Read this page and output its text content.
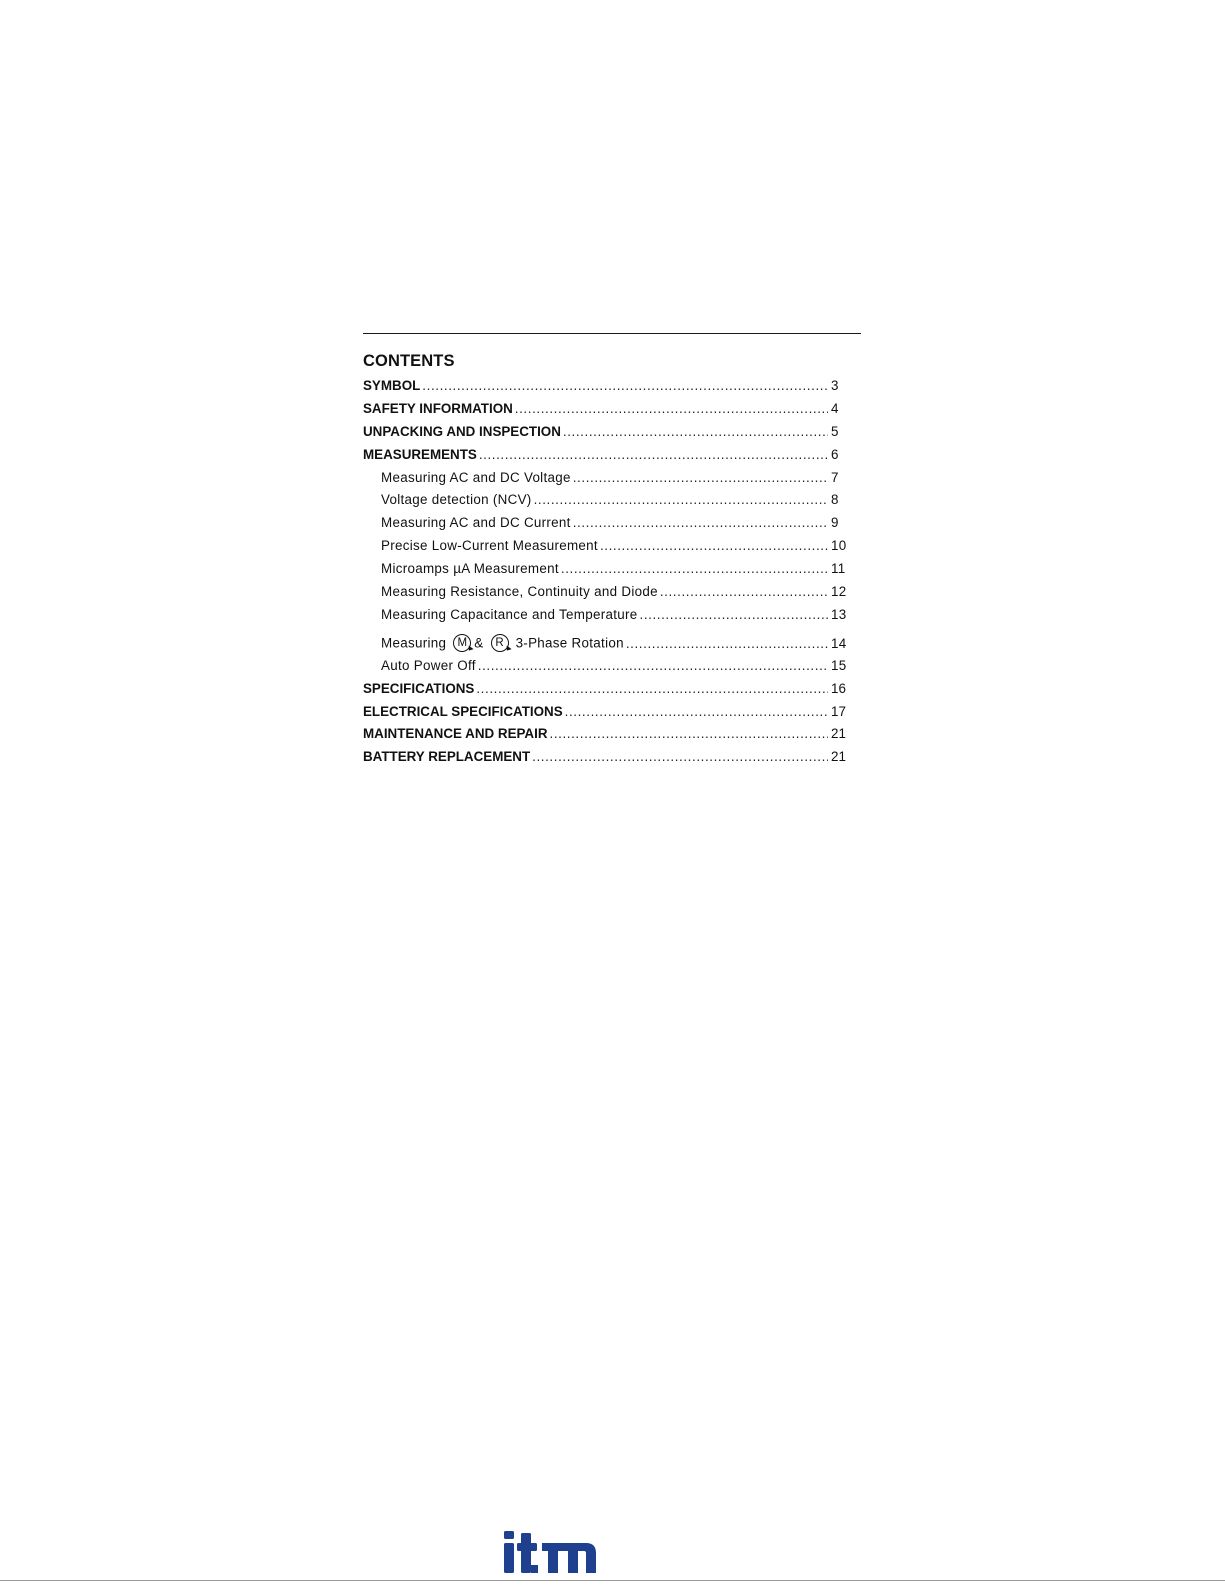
CONTENTS
SYMBOL .....	3
SAFETY INFORMATION .....	4
UNPACKING AND INSPECTION .....	5
MEASUREMENTS .....	6
Measuring AC and DC Voltage .....	7
Voltage detection (NCV) .....	8
Measuring AC and DC Current .....	9
Precise Low-Current Measurement .....	10
Microamps µA Measurement .....	11
Measuring Resistance, Continuity and Diode .....	12
Measuring Capacitance and Temperature .....	13
Measuring M & R 3-Phase Rotation .....	14
Auto Power Off .....	15
SPECIFICATIONS .....	16
ELECTRICAL SPECIFICATIONS .....	17
MAINTENANCE AND REPAIR .....	21
BATTERY REPLACEMENT .....	21
